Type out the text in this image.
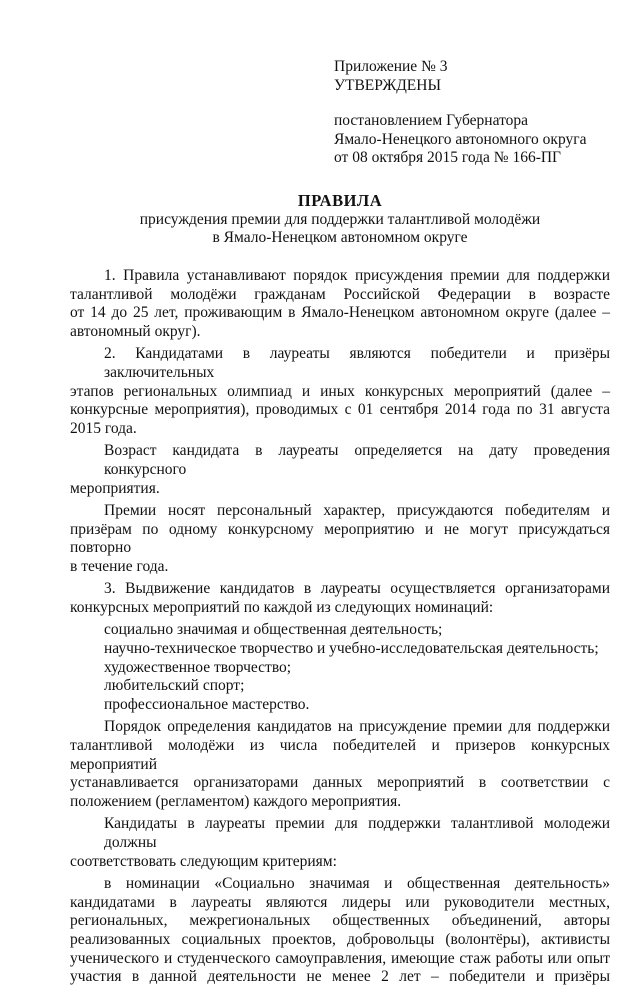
Приложение № 3
УТВЕРЖДЕНЫ
постановлением Губернатора
Ямало-Ненецкого автономного округа
от 08 октября 2015 года № 166-ПГ
ПРАВИЛА
присуждения премии для поддержки талантливой молодёжи
в Ямало-Ненецком автономном округе
1. Правила устанавливают порядок присуждения премии для поддержки
талантливой молодёжи гражданам Российской Федерации в возрасте
от 14 до 25 лет, проживающим в Ямало-Ненецком автономном округе (далее –
автономный округ).
2. Кандидатами в лауреаты являются победители и призёры заключительных
этапов региональных олимпиад и иных конкурсных мероприятий (далее –
конкурсные мероприятия), проводимых с 01 сентября 2014 года по 31 августа
2015 года.
Возраст кандидата в лауреаты определяется на дату проведения конкурсного
мероприятия.
Премии носят персональный характер, присуждаются победителям и
призёрам по одному конкурсному мероприятию и не могут присуждаться повторно
в течение года.
3. Выдвижение кандидатов в лауреаты осуществляется организаторами
конкурсных мероприятий по каждой из следующих номинаций:
социально значимая и общественная деятельность;
научно-техническое творчество и учебно-исследовательская деятельность;
художественное творчество;
любительский спорт;
профессиональное мастерство.
Порядок определения кандидатов на присуждение премии для поддержки
талантливой молодёжи из числа победителей и призеров конкурсных мероприятий
устанавливается организаторами данных мероприятий в соответствии с
положением (регламентом) каждого мероприятия.
Кандидаты в лауреаты премии для поддержки талантливой молодежи должны
соответствовать следующим критериям:
в номинации «Социально значимая и общественная деятельность»
кандидатами в лауреаты являются лидеры или руководители местных,
региональных, межрегиональных общественных объединений, авторы
реализованных социальных проектов, добровольцы (волонтёры), активисты
ученического и студенческого самоуправления, имеющие стаж работы или опыт
участия в данной деятельности не менее 2 лет – победители и призёры
